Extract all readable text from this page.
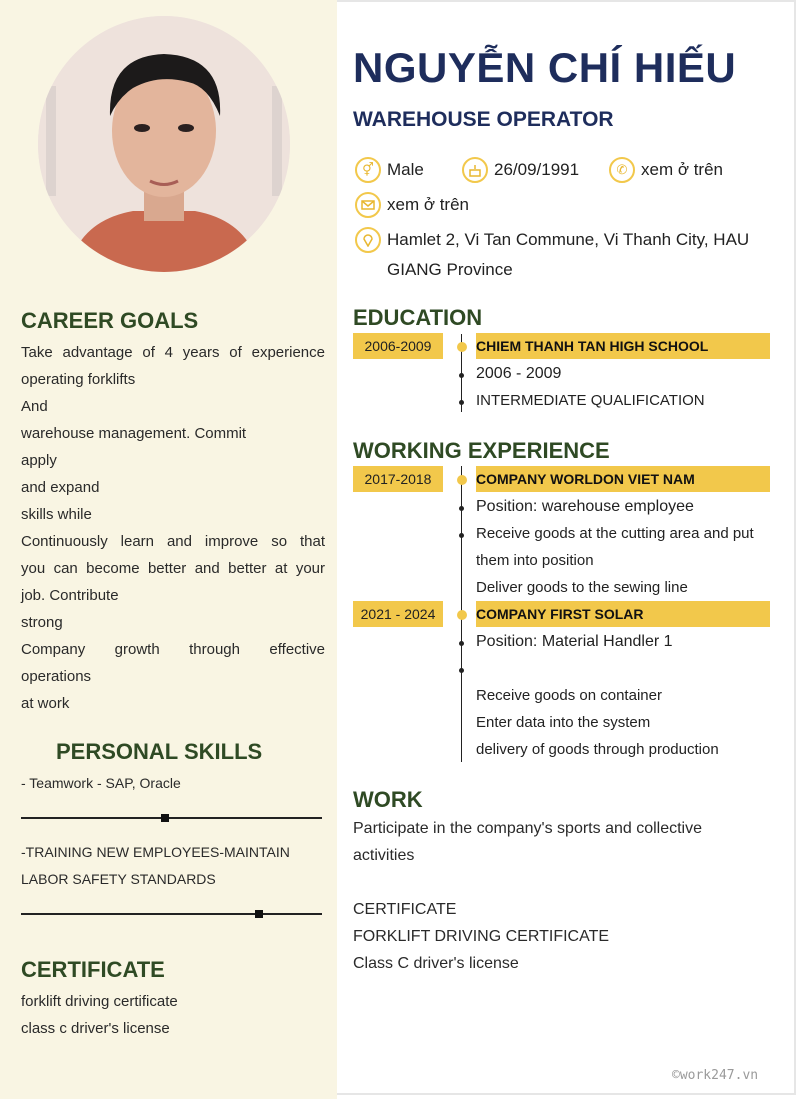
CAREER GOALS
Take advantage of 4 years of experience
operating forklifts
And
warehouse management. Commit
apply
and expand
skills while
Continuously learn and improve so that
you can become better and better at your
job. Contribute
strong
Company growth through effective
operations
at work
PERSONAL SKILLS
- Teamwork - SAP, Oracle
-TRAINING NEW EMPLOYEES-MAINTAIN
LABOR SAFETY STANDARDS
CERTIFICATE
forklift driving certificate
class c driver's license
NGUYỄN CHÍ HIẾU
WAREHOUSE OPERATOR
⚥ Male	26/09/1991	✆ xem ở trên
xem ở trên
Hamlet 2, Vi Tan Commune, Vi Thanh City, HAU
GIANG Province
EDUCATION
2006-2009	CHIEM THANH TAN HIGH SCHOOL
2006 - 2009
INTERMEDIATE QUALIFICATION
WORKING EXPERIENCE
2017-2018	COMPANY WORLDON VIET NAM
Position: warehouse employee
Receive goods at the cutting area and put
them into position
Deliver goods to the sewing line
2021 - 2024	COMPANY FIRST SOLAR
Position: Material Handler 1
Receive goods on container
Enter data into the system
delivery of goods through production
WORK
Participate in the company's sports and collective
activities
CERTIFICATE
FORKLIFT DRIVING CERTIFICATE
Class C driver's license
©work247.vn
